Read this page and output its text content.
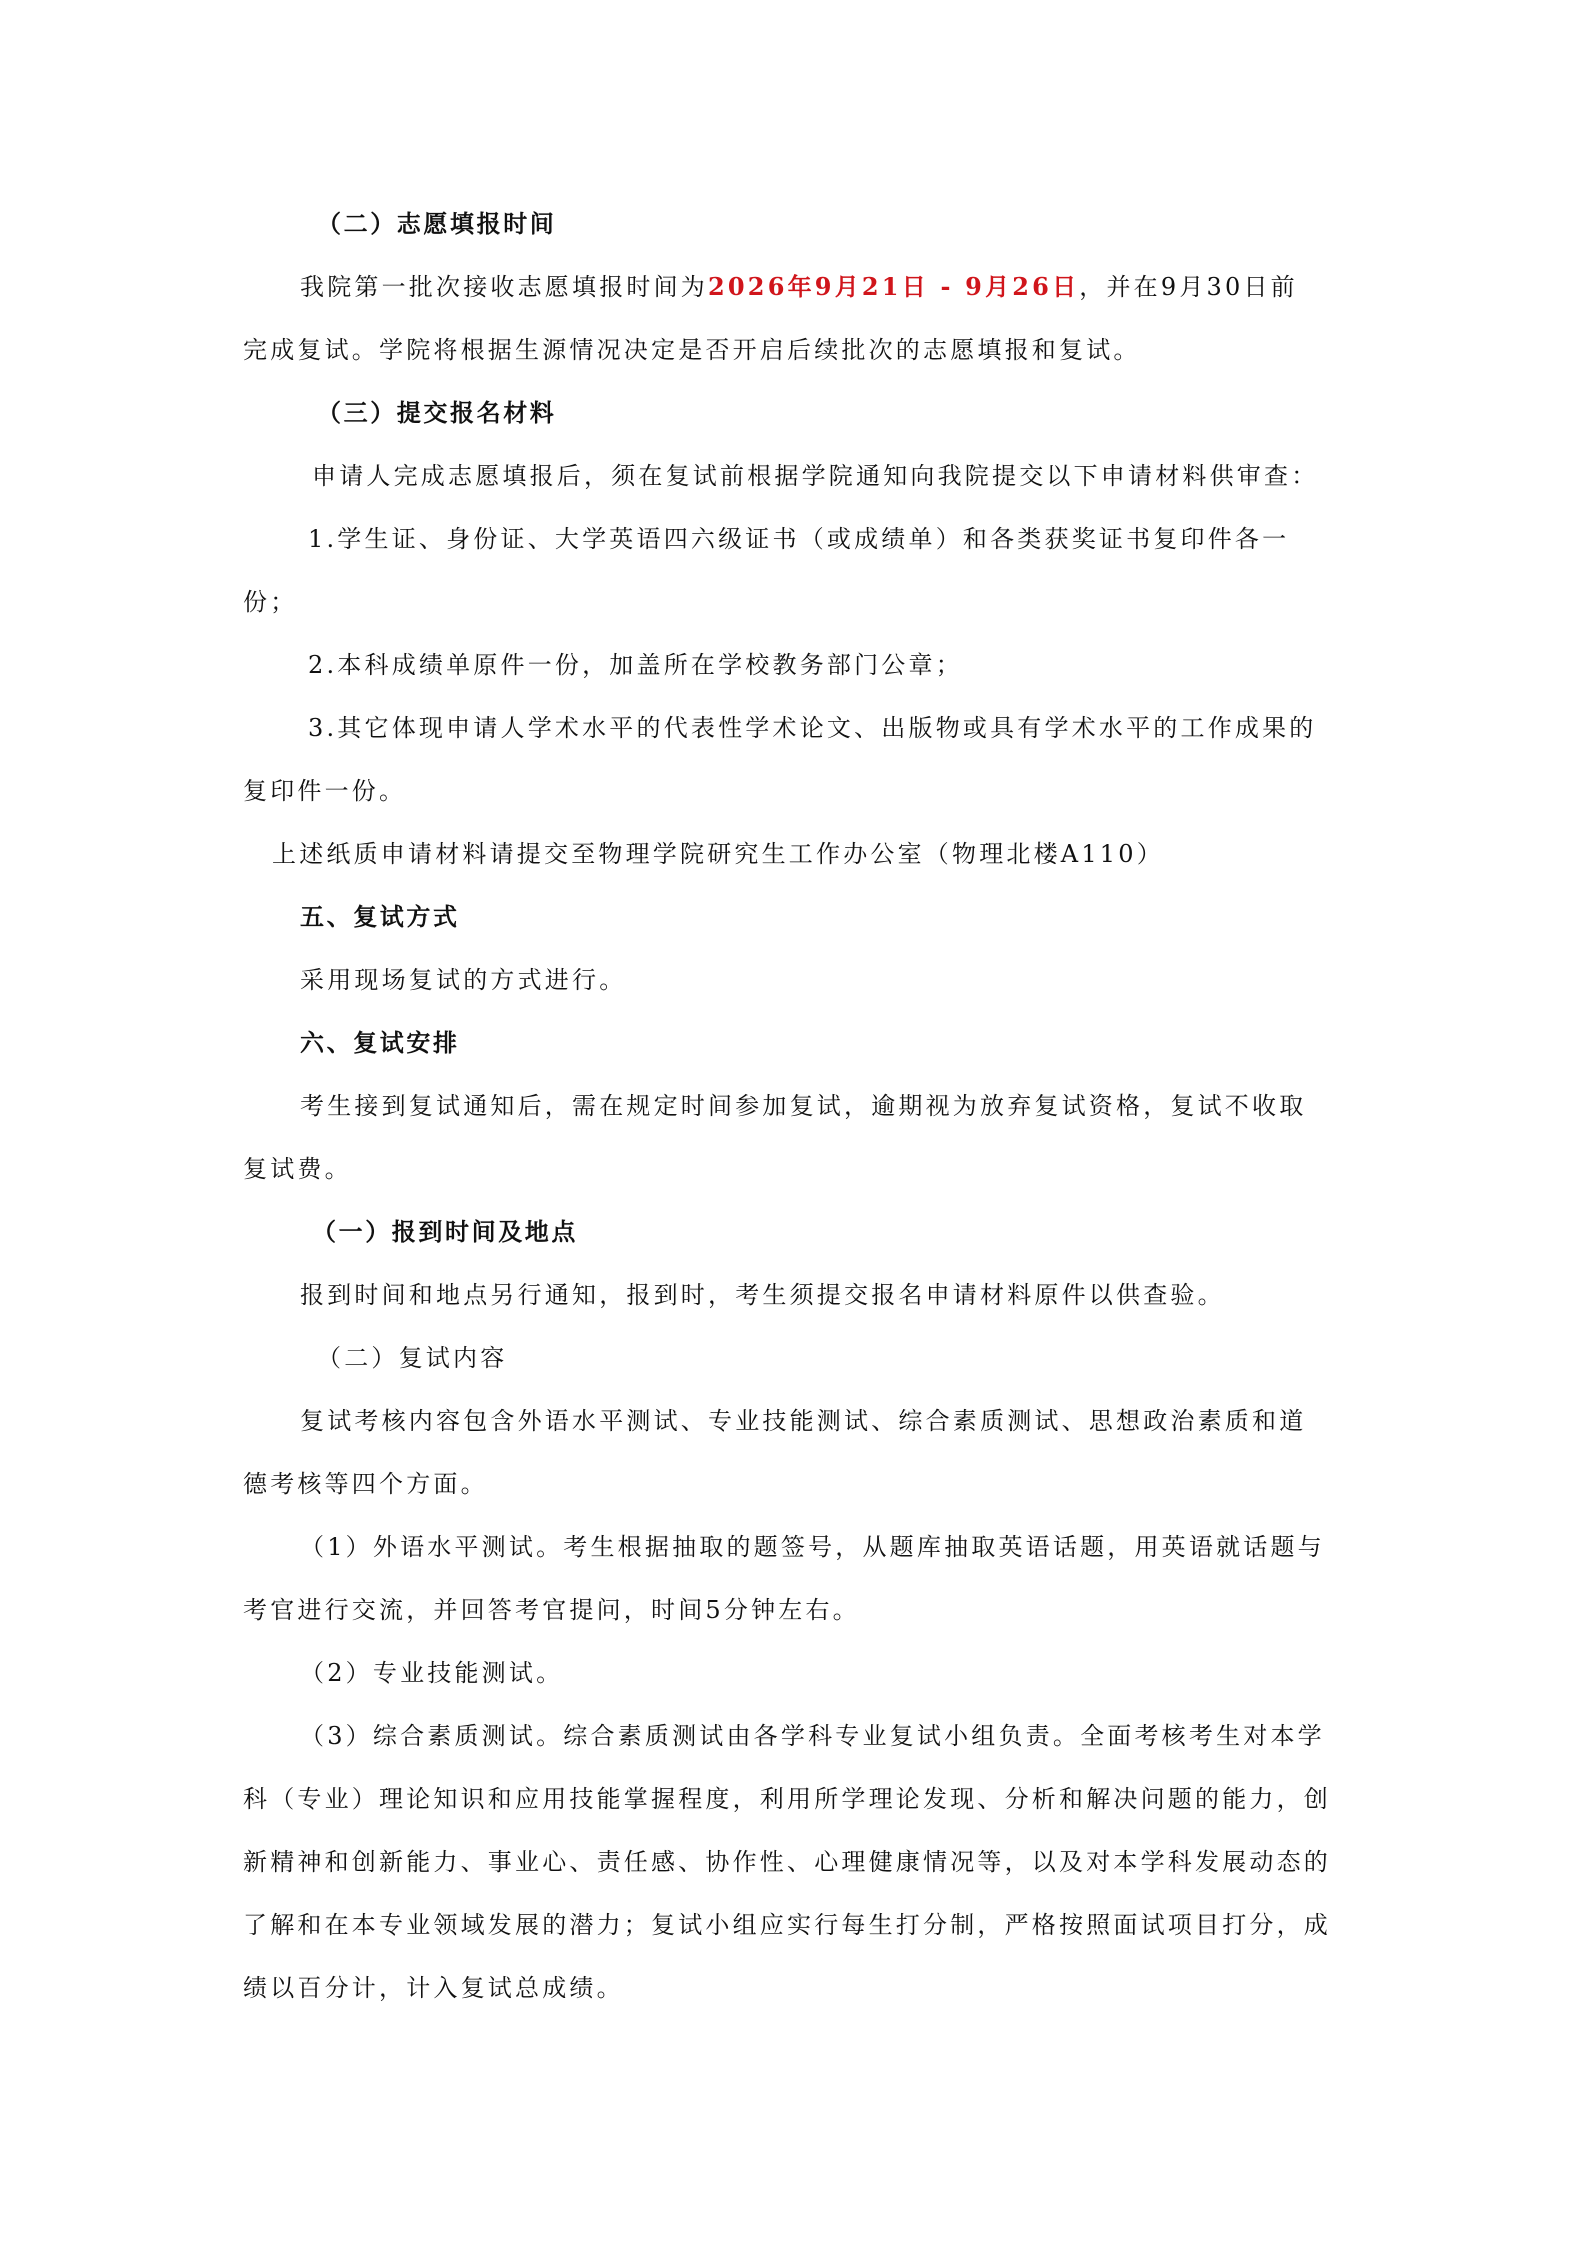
（二）志愿填报时间

我院第一批次接收志愿填报时间为2026年9月21日 - 9月26日，并在9月30日前

完成复试。学院将根据生源情况决定是否开启后续批次的志愿填报和复试。

（三）提交报名材料

申请人完成志愿填报后，须在复试前根据学院通知向我院提交以下申请材料供审查：

1.学生证、身份证、大学英语四六级证书（或成绩单）和各类获奖证书复印件各一

份；

2.本科成绩单原件一份，加盖所在学校教务部门公章；

3.其它体现申请人学术水平的代表性学术论文、出版物或具有学术水平的工作成果的

复印件一份。

上述纸质申请材料请提交至物理学院研究生工作办公室（物理北楼A110）

五、复试方式

采用现场复试的方式进行。

六、复试安排

考生接到复试通知后，需在规定时间参加复试，逾期视为放弃复试资格，复试不收取

复试费。

（一）报到时间及地点

报到时间和地点另行通知，报到时，考生须提交报名申请材料原件以供查验。

（二）复试内容

复试考核内容包含外语水平测试、专业技能测试、综合素质测试、思想政治素质和道

德考核等四个方面。

（1）外语水平测试。考生根据抽取的题签号，从题库抽取英语话题，用英语就话题与

考官进行交流，并回答考官提问，时间5分钟左右。

（2）专业技能测试。

（3）综合素质测试。综合素质测试由各学科专业复试小组负责。全面考核考生对本学

科（专业）理论知识和应用技能掌握程度，利用所学理论发现、分析和解决问题的能力，创

新精神和创新能力、事业心、责任感、协作性、心理健康情况等，以及对本学科发展动态的

了解和在本专业领域发展的潜力；复试小组应实行每生打分制，严格按照面试项目打分，成

绩以百分计，计入复试总成绩。
